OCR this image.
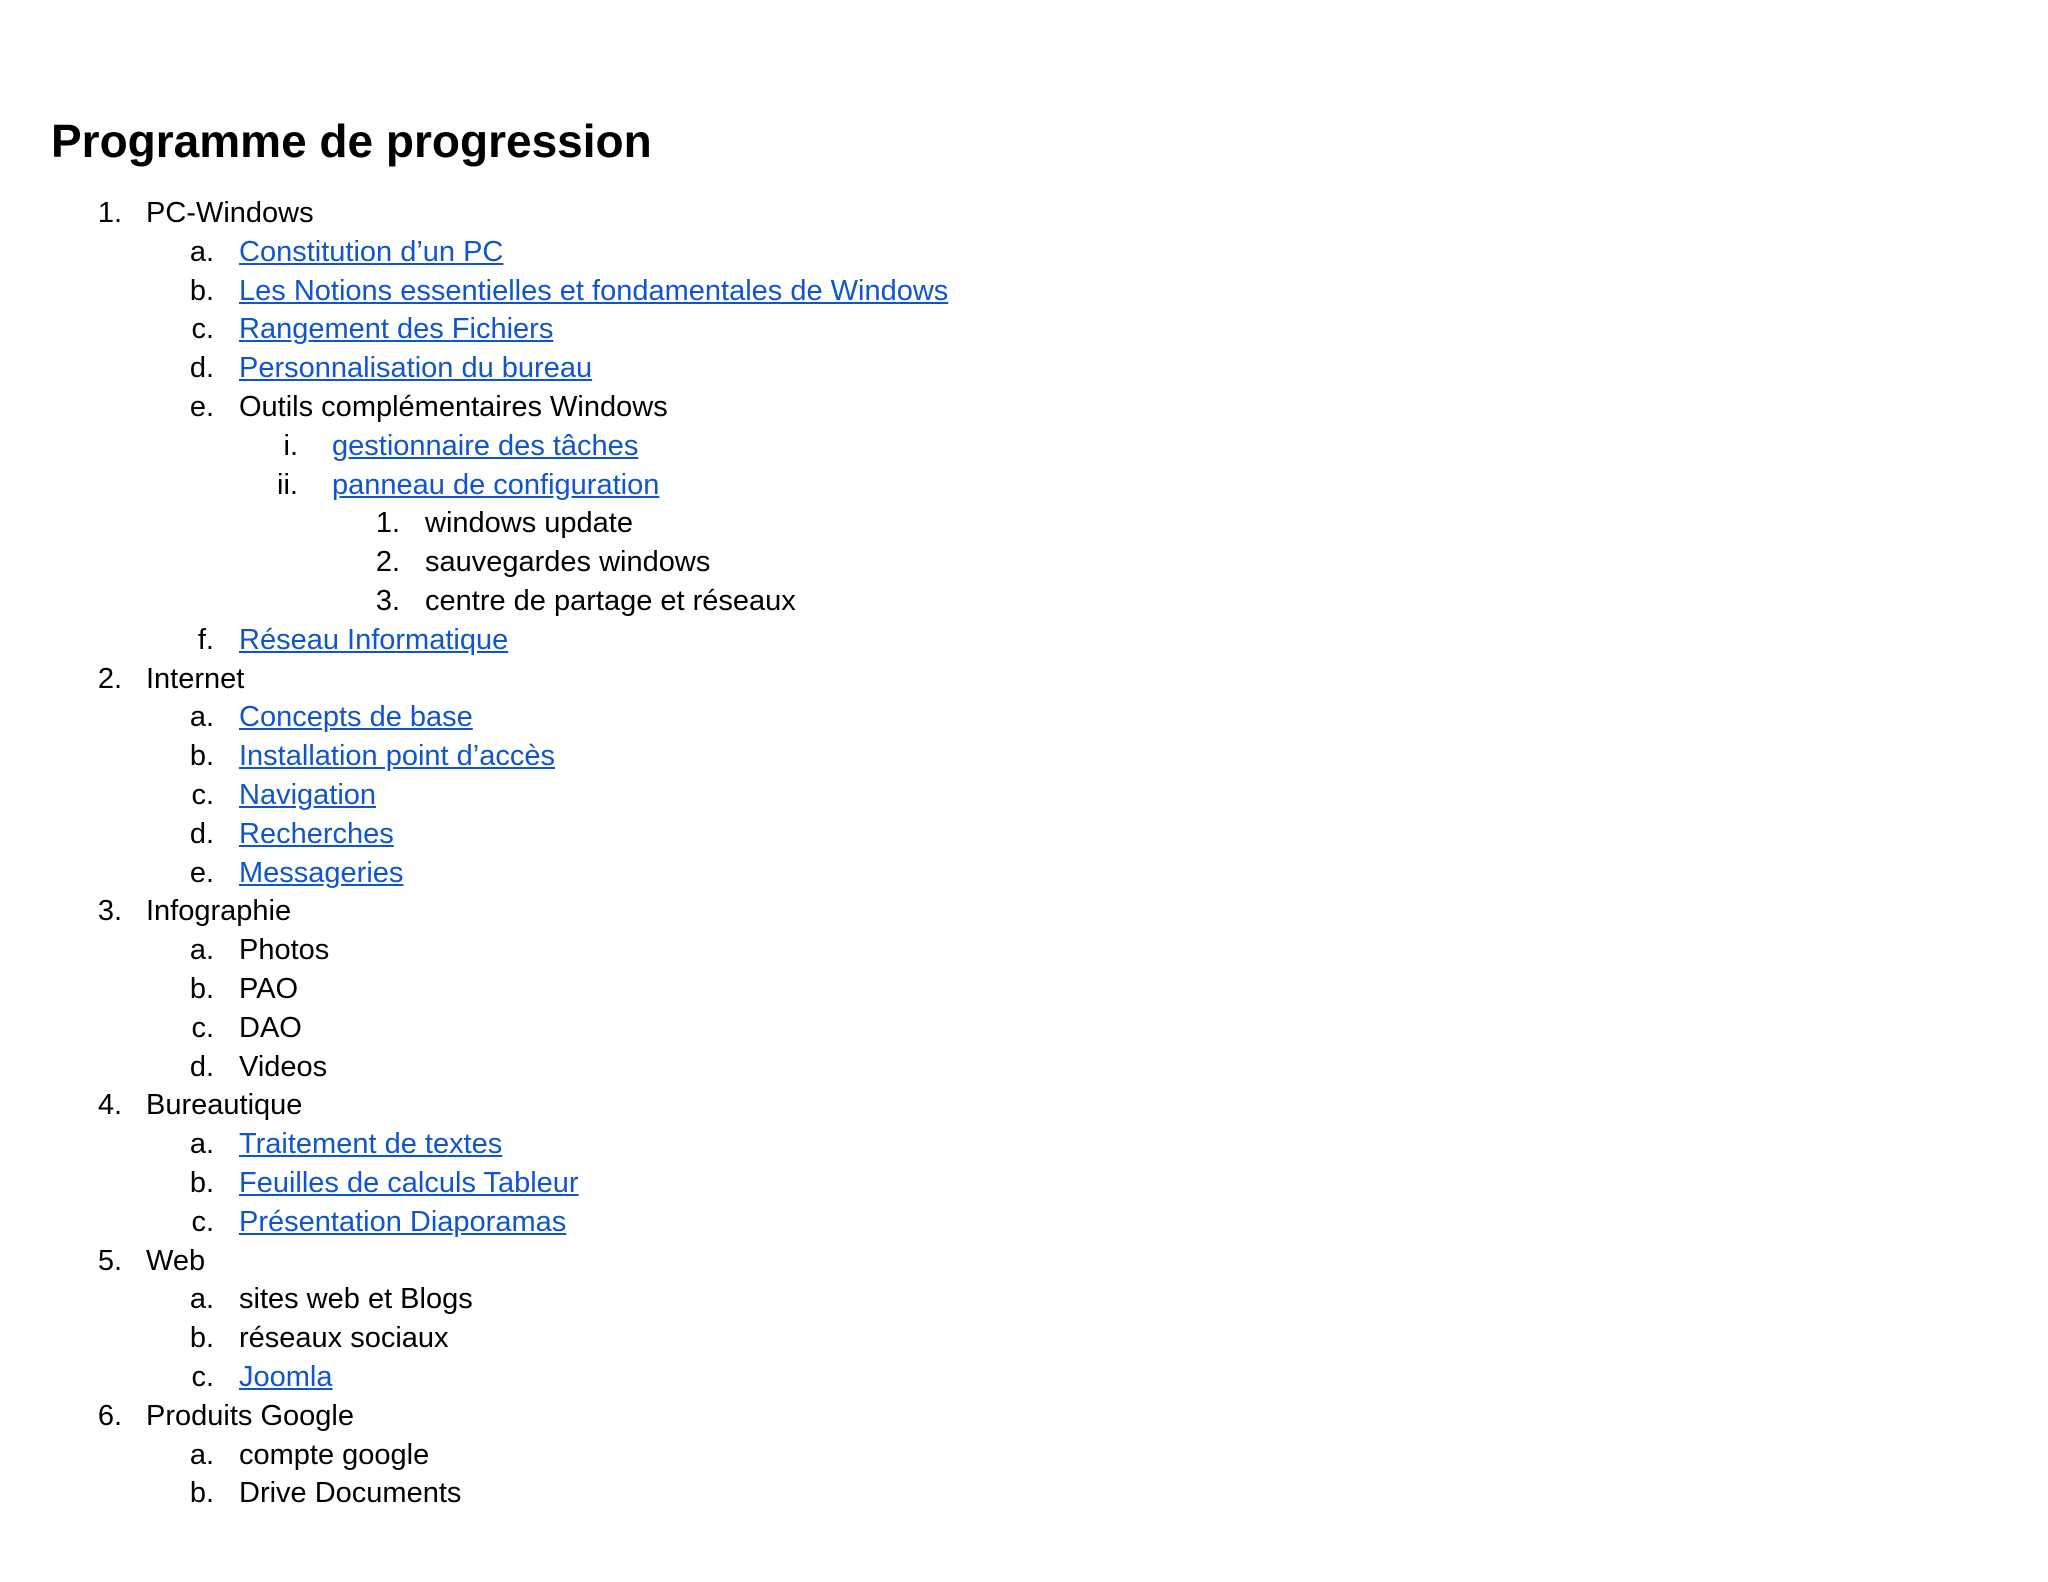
Programme de progression
1. PC-Windows
a. Constitution d’un PC
b. Les Notions essentielles et fondamentales de Windows
c. Rangement des Fichiers
d. Personnalisation du bureau
e. Outils complémentaires Windows
i. gestionnaire des tâches
ii. panneau de configuration
1. windows update
2. sauvegardes windows
3. centre de partage et réseaux
f. Réseau Informatique
2. Internet
a. Concepts de base
b. Installation point d’accès
c. Navigation
d. Recherches
e. Messageries
3. Infographie
a. Photos
b. PAO
c. DAO
d. Videos
4. Bureautique
a. Traitement de textes
b. Feuilles de calculs Tableur
c. Présentation Diaporamas
5. Web
a. sites web et Blogs
b. réseaux sociaux
c. Joomla
6. Produits Google
a. compte google
b. Drive Documents
